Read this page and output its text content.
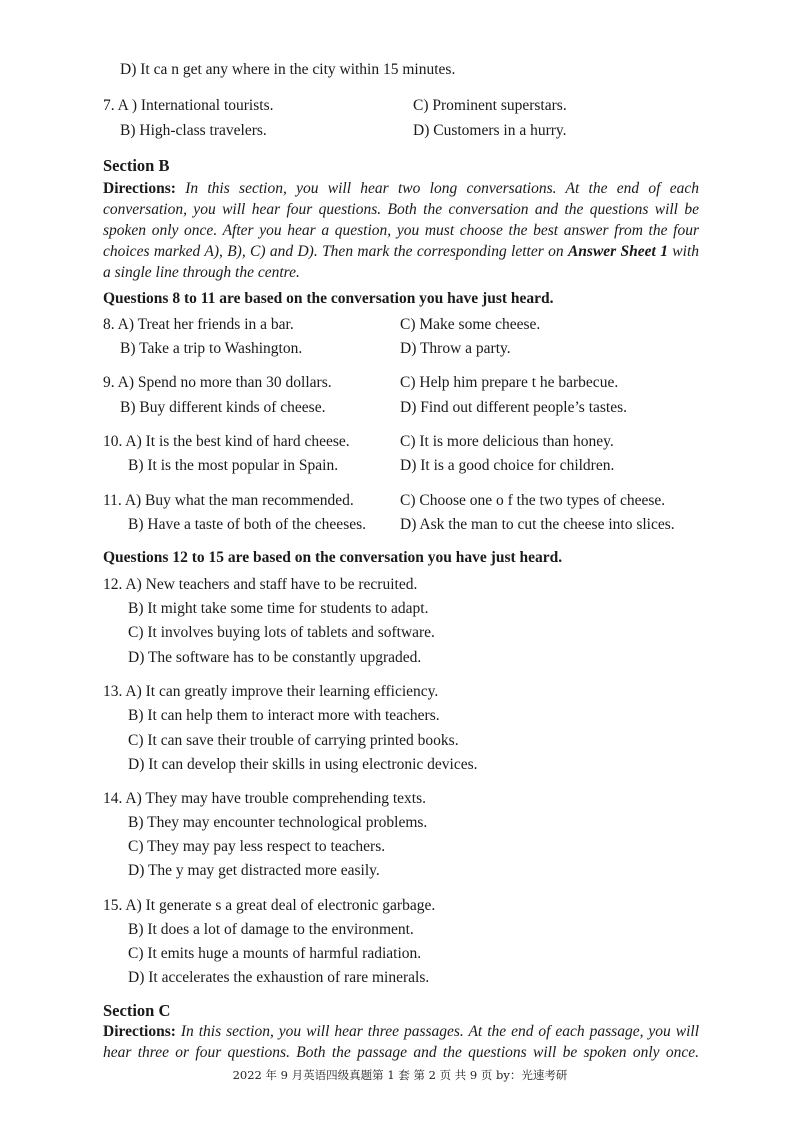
D) It ca n get any where in the city within 15 minutes.
7. A ) International tourists.	C) Prominent superstars.
B) High-class travelers.	D) Customers in a hurry.
Section B
Directions: In this section, you will hear two long conversations. At the end of each
conversation, you will hear four questions. Both the conversation and the questions will be
spoken only once. After you hear a question, you must choose the best answer from the four
choices marked A), B), C) and D). Then mark the corresponding letter on Answer Sheet 1 with
a single line through the centre.
Questions 8 to 11 are based on the conversation you have just heard.
8. A) Treat her friends in a bar.	C) Make some cheese.
B) Take a trip to Washington.	D) Throw a party.
9. A) Spend no more than 30 dollars.	C) Help him prepare t he barbecue.
B) Buy different kinds of cheese.	D) Find out different people’s tastes.
10. A) It is the best kind of hard cheese.	C) It is more delicious than honey.
B) It is the most popular in Spain.	D) It is a good choice for children.
11. A) Buy what the man recommended.	C) Choose one o f the two types of cheese.
B) Have a taste of both of the cheeses. D) Ask the man to cut the cheese into slices.
Questions 12 to 15 are based on the conversation you have just heard.
12. A) New teachers and staff have to be recruited.
B) It might take some time for students to adapt.
C) It involves buying lots of tablets and software.
D) The software has to be constantly upgraded.
13. A) It can greatly improve their learning efficiency.
B) It can help them to interact more with teachers.
C) It can save their trouble of carrying printed books.
D) It can develop their skills in using electronic devices.
14. A) They may have trouble comprehending texts.
B) They may encounter technological problems.
C) They may pay less respect to teachers.
D) The y may get distracted more easily.
15. A) It generate s a great deal of electronic garbage.
B) It does a lot of damage to the environment.
C) It emits huge a mounts of harmful radiation.
D) It accelerates the exhaustion of rare minerals.
Section C
Directions: In this section, you will hear three passages. At the end of each passage, you will
hear three or four questions. Both the passage and the questions will be spoken only once.
2022 年 9 月英语四级真题第 1 套 第 2 页 共 9 页 by：光速考研
